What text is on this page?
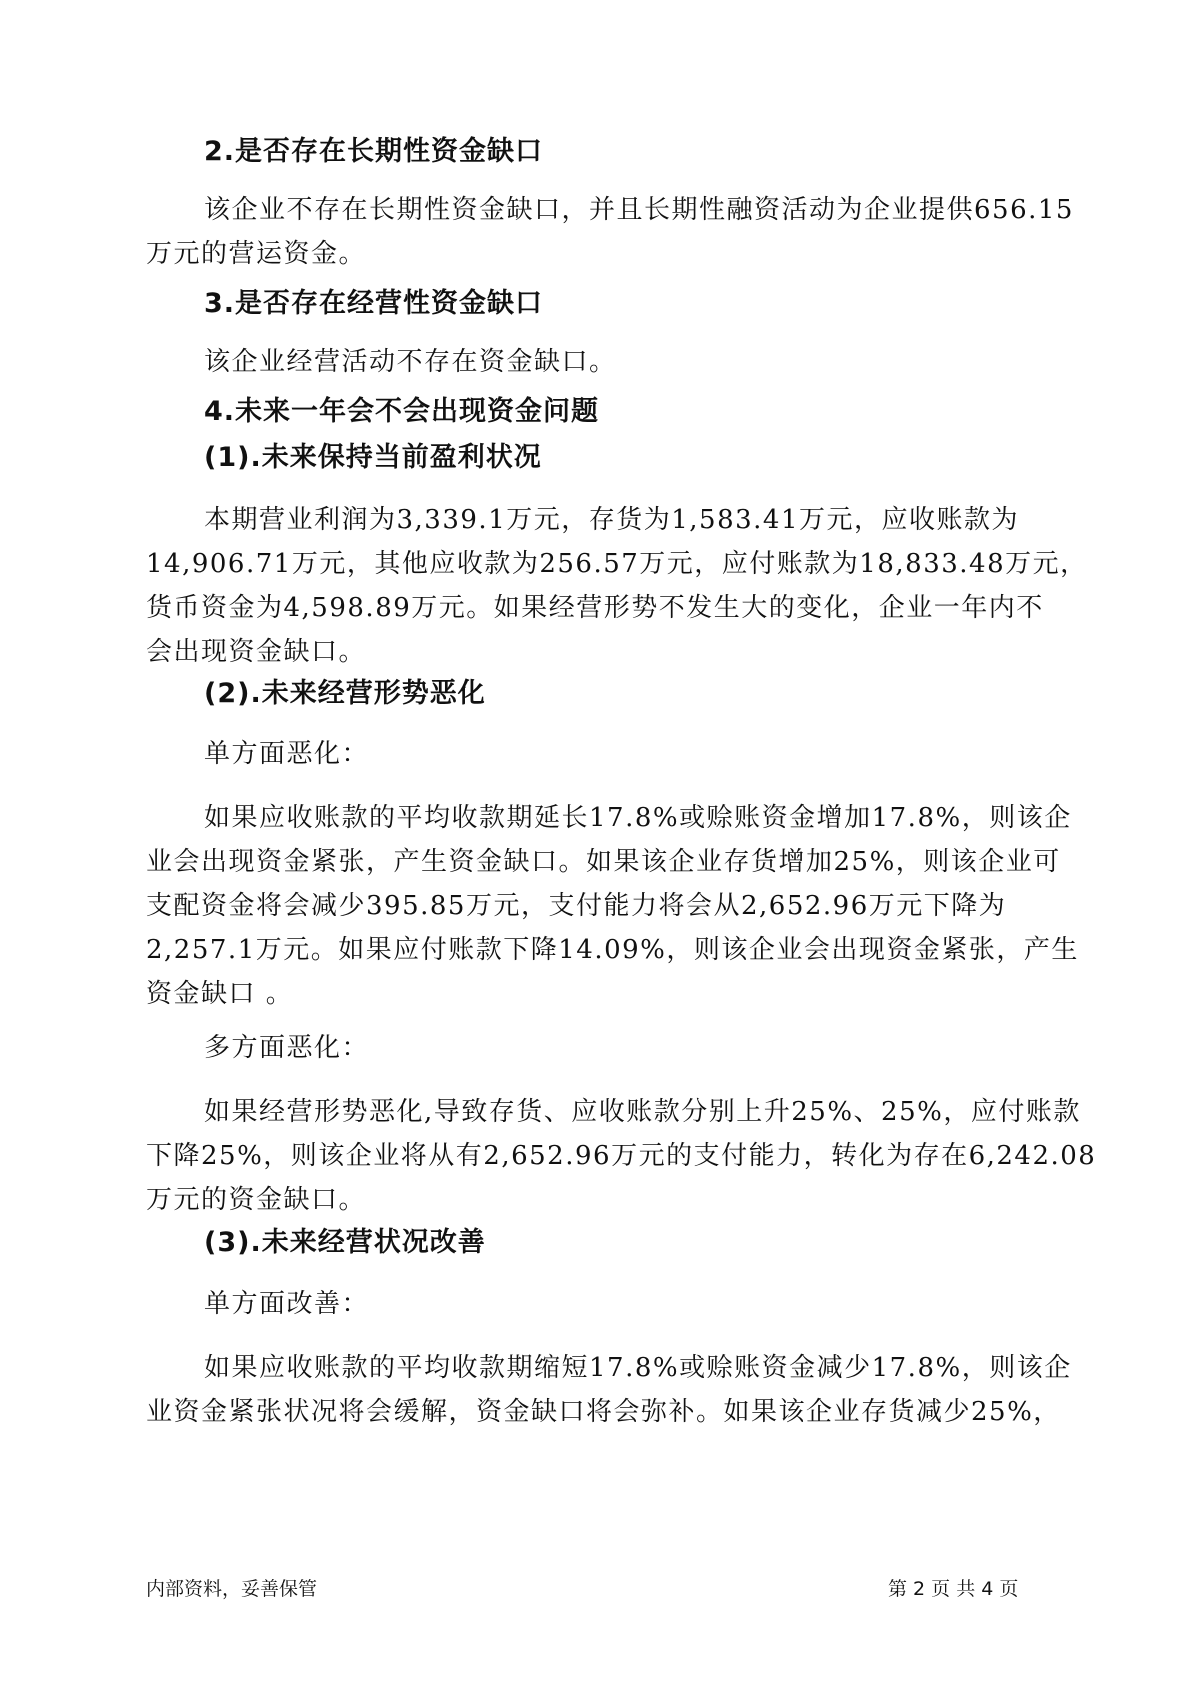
2.是否存在长期性资金缺口
该企业不存在长期性资金缺口，并且长期性融资活动为企业提供656.15
万元的营运资金。
3.是否存在经营性资金缺口
该企业经营活动不存在资金缺口。
4.未来一年会不会出现资金问题
(1).未来保持当前盈利状况
本期营业利润为3,339.1万元，存货为1,583.41万元，应收账款为
14,906.71万元，其他应收款为256.57万元，应付账款为18,833.48万元，
货币资金为4,598.89万元。如果经营形势不发生大的变化，企业一年内不
会出现资金缺口。
(2).未来经营形势恶化
单方面恶化：
如果应收账款的平均收款期延长17.8%或赊账资金增加17.8%，则该企
业会出现资金紧张，产生资金缺口。如果该企业存货增加25%，则该企业可
支配资金将会减少395.85万元，支付能力将会从2,652.96万元下降为
2,257.1万元。如果应付账款下降14.09%，则该企业会出现资金紧张，产生
资金缺口 。
多方面恶化：
如果经营形势恶化,导致存货、应收账款分别上升25%、25%，应付账款
下降25%，则该企业将从有2,652.96万元的支付能力，转化为存在6,242.08
万元的资金缺口。
(3).未来经营状况改善
单方面改善：
如果应收账款的平均收款期缩短17.8%或赊账资金减少17.8%，则该企
业资金紧张状况将会缓解，资金缺口将会弥补。如果该企业存货减少25%，
内部资料，妥善保管	第 2 页 共 4 页
